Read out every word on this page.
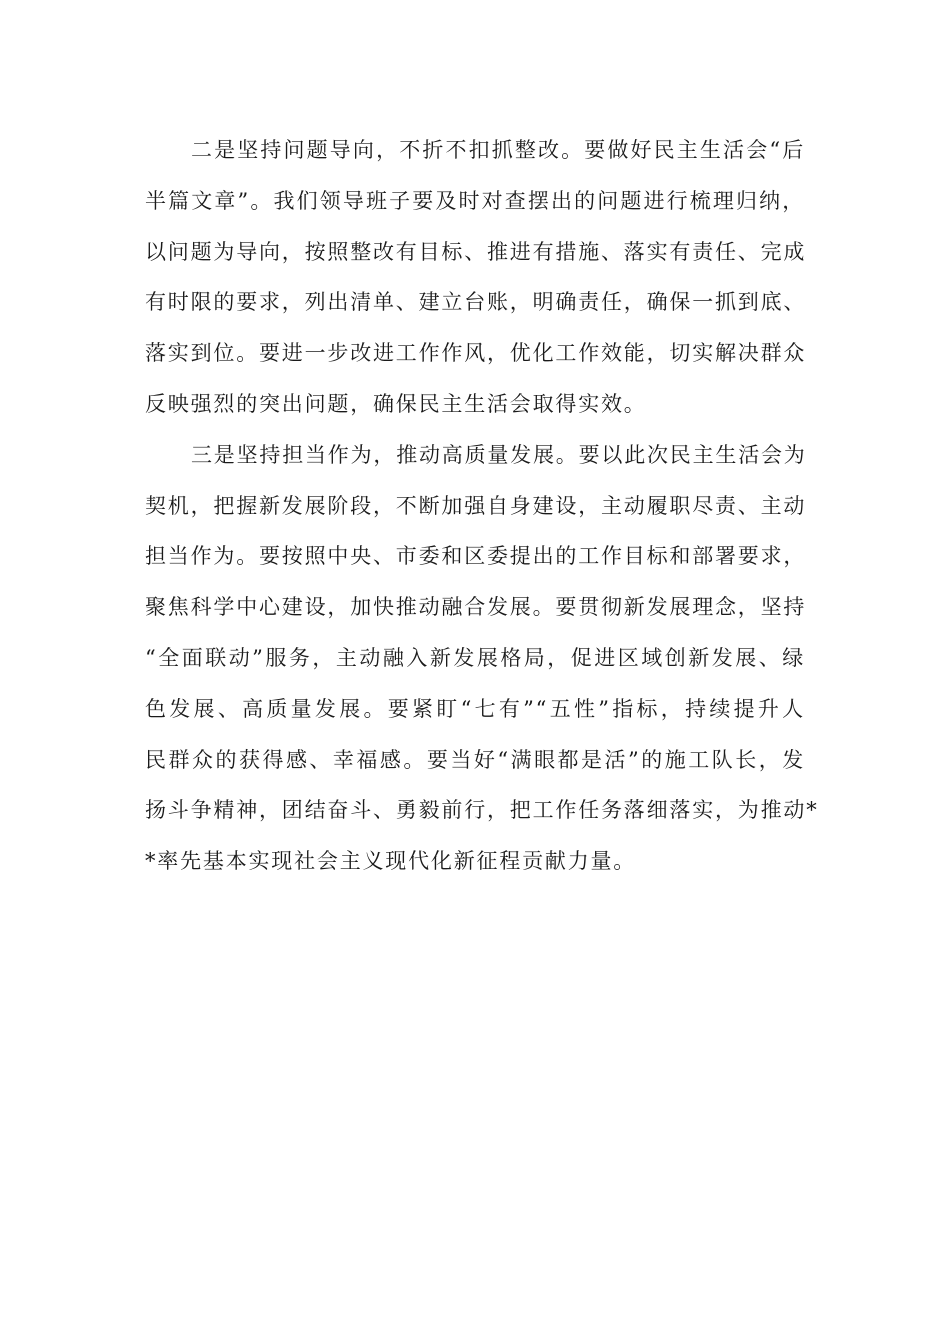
二是坚持问题导向，不折不扣抓整改。要做好民主生活会“后
半篇文章”。我们领导班子要及时对查摆出的问题进行梳理归纳，
以问题为导向，按照整改有目标、推进有措施、落实有责任、完成
有时限的要求，列出清单、建立台账，明确责任，确保一抓到底、
落实到位。要进一步改进工作作风，优化工作效能，切实解决群众
反映强烈的突出问题，确保民主生活会取得实效。
三是坚持担当作为，推动高质量发展。要以此次民主生活会为
契机，把握新发展阶段，不断加强自身建设，主动履职尽责、主动
担当作为。要按照中央、市委和区委提出的工作目标和部署要求，
聚焦科学中心建设，加快推动融合发展。要贯彻新发展理念，坚持
“全面联动”服务，主动融入新发展格局，促进区域创新发展、绿
色发展、高质量发展。要紧盯“七有”“五性”指标，持续提升人
民群众的获得感、幸福感。要当好“满眼都是活”的施工队长，发
扬斗争精神，团结奋斗、勇毅前行，把工作任务落细落实，为推动*
*率先基本实现社会主义现代化新征程贡献力量。
